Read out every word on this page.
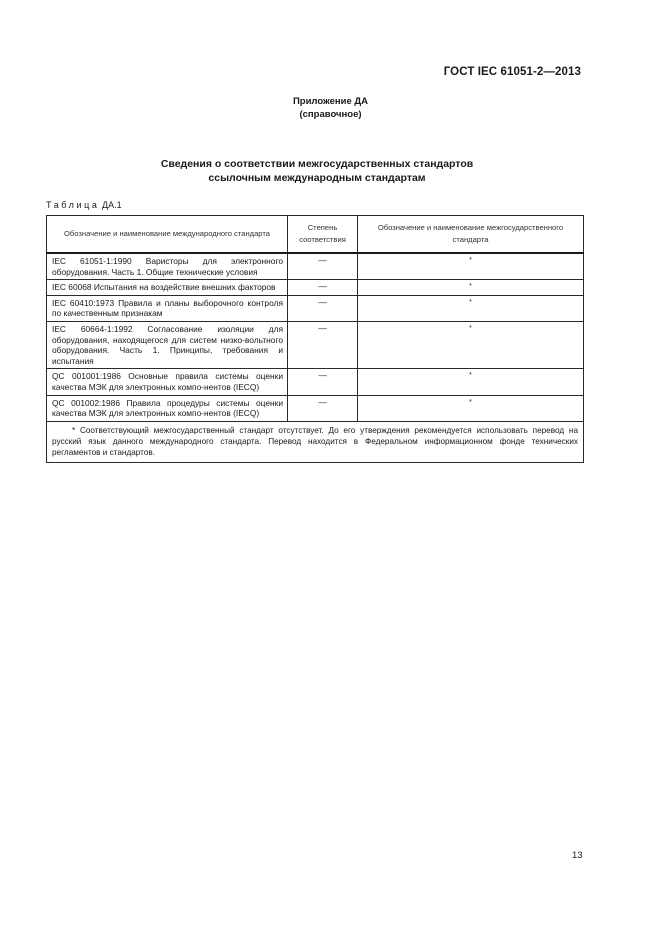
ГОСТ IEC 61051-2—2013
Приложение ДА
(справочное)
Сведения о соответствии межгосударственных стандартов
ссылочным международным стандартам
Таблица ДА.1
Обозначение и наименование международного стандарта	Степень соответствия	Обозначение и наименование межгосударственного стандарта
IEC 61051-1:1990 Варисторы для электронного оборудования. Часть 1. Общие технические условия	—	*
IEC 60068 Испытания на воздействие внешних факторов	—	*
IEC 60410:1973 Правила и планы выборочного контроля по качественным признакам	—	*
IEC 60664-1:1992 Согласование изоляции для оборудования, находящегося для систем низко-вольтного оборудования. Часть 1. Принципы, требования и испытания	—	*
QC 001001:1986 Основные правила системы оценки качества МЭК для электронных компо-нентов (IECQ)	—	*
QC 001002:1986 Правила процедуры системы оценки качества МЭК для электронных компо-нентов (IECQ)	—	*
* Соответствующий межгосударственный стандарт отсутствует. До его утверждения рекомендуется использовать перевод на русский язык данного международного стандарта. Перевод находится в Федеральном информационном фонде технических регламентов и стандартов.		
13
